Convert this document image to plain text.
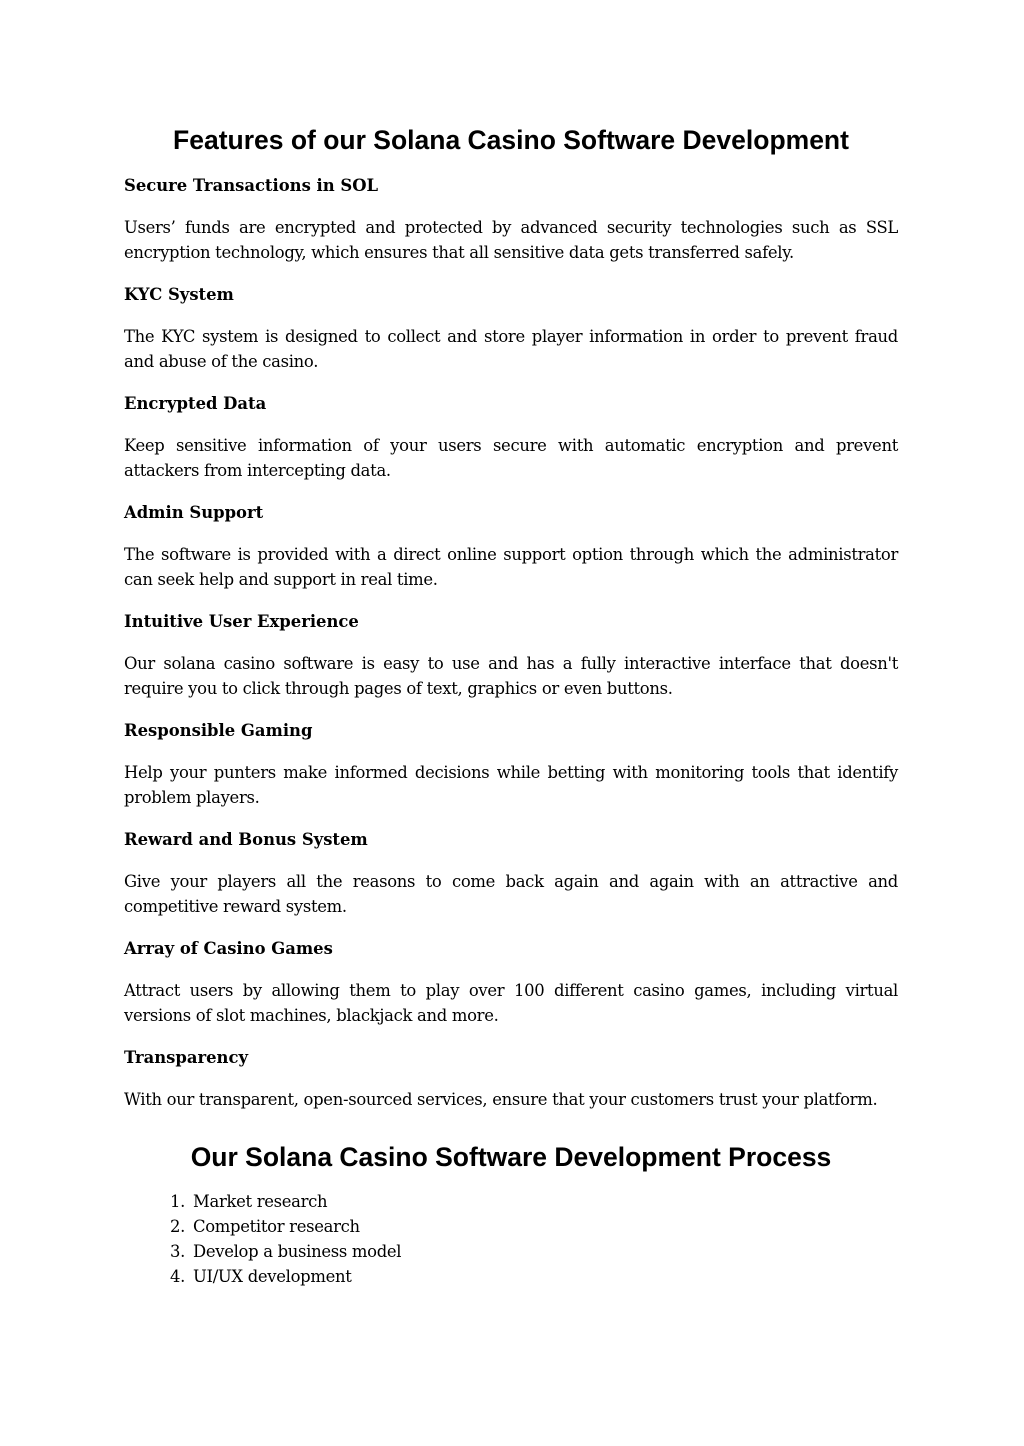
Features of our Solana Casino Software Development

Secure Transactions in SOL

Users’ funds are encrypted and protected by advanced security technologies such as SSL encryption technology, which ensures that all sensitive data gets transferred safely.

KYC System

The KYC system is designed to collect and store player information in order to prevent fraud and abuse of the casino.

Encrypted Data

Keep sensitive information of your users secure with automatic encryption and prevent attackers from intercepting data.

Admin Support

The software is provided with a direct online support option through which the administrator can seek help and support in real time.

Intuitive User Experience

Our solana casino software is easy to use and has a fully interactive interface that doesn't require you to click through pages of text, graphics or even buttons.

Responsible Gaming

Help your punters make informed decisions while betting with monitoring tools that identify problem players.

Reward and Bonus System

Give your players all the reasons to come back again and again with an attractive and competitive reward system.

Array of Casino Games

Attract users by allowing them to play over 100 different casino games, including virtual versions of slot machines, blackjack and more.

Transparency

With our transparent, open-sourced services, ensure that your customers trust your platform.

Our Solana Casino Software Development Process
1. Market research
2. Competitor research
3. Develop a business model
4. UI/UX development
